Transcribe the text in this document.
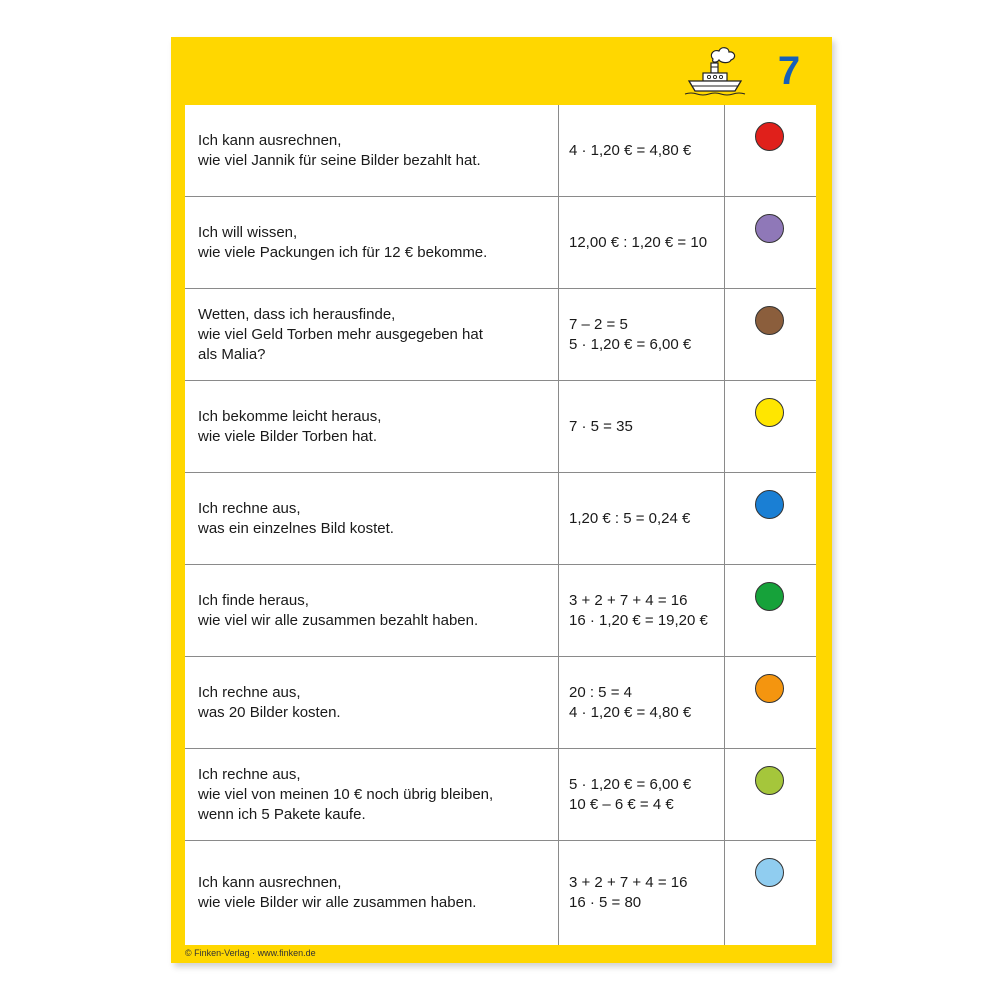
7
Ich kann ausrechnen,
wie viel Jannik für seine Bilder bezahlt hat.
4 · 1,20 € = 4,80 €
Ich will wissen,
wie viele Packungen ich für 12 € bekomme.
12,00 € : 1,20 € = 10
Wetten, dass ich herausfinde,
wie viel Geld Torben mehr ausgegeben hat
als Malia?
7 – 2 = 5
5 · 1,20 € = 6,00 €
Ich bekomme leicht heraus,
wie viele Bilder Torben hat.
7 · 5 = 35
Ich rechne aus,
was ein einzelnes Bild kostet.
1,20 € : 5 = 0,24 €
Ich finde heraus,
wie viel wir alle zusammen bezahlt haben.
3 + 2 + 7 + 4 = 16
16 · 1,20 € = 19,20 €
Ich rechne aus,
was 20 Bilder kosten.
20 : 5 = 4
4 · 1,20 € = 4,80 €
Ich rechne aus,
wie viel von meinen 10 € noch übrig bleiben,
wenn ich 5 Pakete kaufe.
5 · 1,20 € = 6,00 €
10 € – 6 € = 4 €
Ich kann ausrechnen,
wie viele Bilder wir alle zusammen haben.
3 + 2 + 7 + 4 = 16
16 · 5 = 80
© Finken-Verlag · www.finken.de
